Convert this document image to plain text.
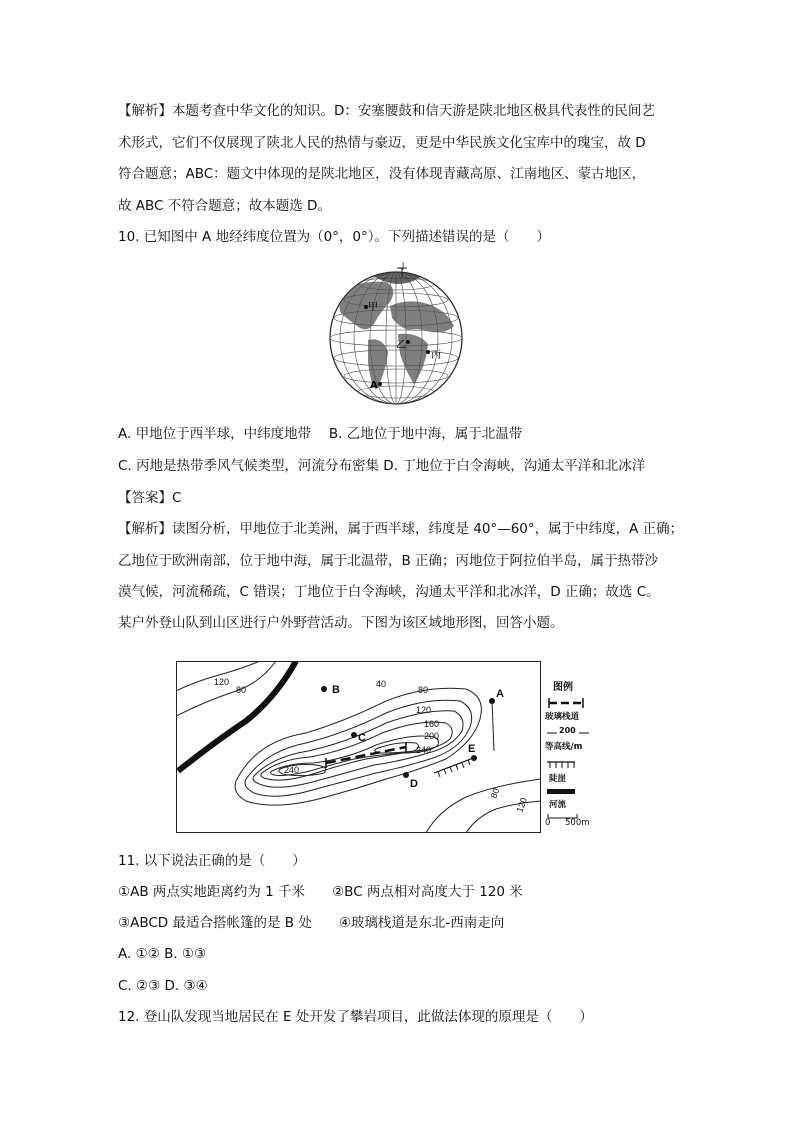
【解析】本题考查中华文化的知识。D：安塞腰鼓和信天游是陕北地区极具代表性的民间艺
术形式，它们不仅展现了陕北人民的热情与豪迈，更是中华民族文化宝库中的瑰宝，故 D
符合题意；ABC：题文中体现的是陕北地区，没有体现青藏高原、江南地区、蒙古地区，
故 ABC 不符合题意；故本题选 D。
10. 已知图中 A 地经纬度位置为（0°，0°）。下列描述错误的是（　　）
丁
甲
乙
丙
A
A. 甲地位于西半球，中纬度地带　 B. 乙地位于地中海，属于北温带
C. 丙地是热带季风气候类型，河流分布密集 D. 丁地位于白令海峡，沟通太平洋和北冰洋
【答案】C
【解析】读图分析，甲地位于北美洲，属于西半球，纬度是 40°—60°，属于中纬度，A 正确；
乙地位于欧洲南部，位于地中海，属于北温带，B 正确；丙地位于阿拉伯半岛，属于热带沙
漠气候，河流稀疏，C 错误；丁地位于白令海峡，沟通太平洋和北冰洋，D 正确；故选 C。
某户外登山队到山区进行户外野营活动。下图为该区域地形图，回答小题。
B	A
C
D
E
120
80
40
80
120
160
200
240
240
80
120
图例
玻璃栈道
200
等高线/m
陡崖
河流
0 500m
11. 以下说法正确的是（　　）
①AB 两点实地距离约为 1 千米　　②BC 两点相对高度大于 120 米
③ABCD 最适合搭帐篷的是 B 处　　④玻璃栈道是东北-西南走向
A. ①② B. ①③
C. ②③ D. ③④
12. 登山队发现当地居民在 E 处开发了攀岩项目，此做法体现的原理是（　　）
